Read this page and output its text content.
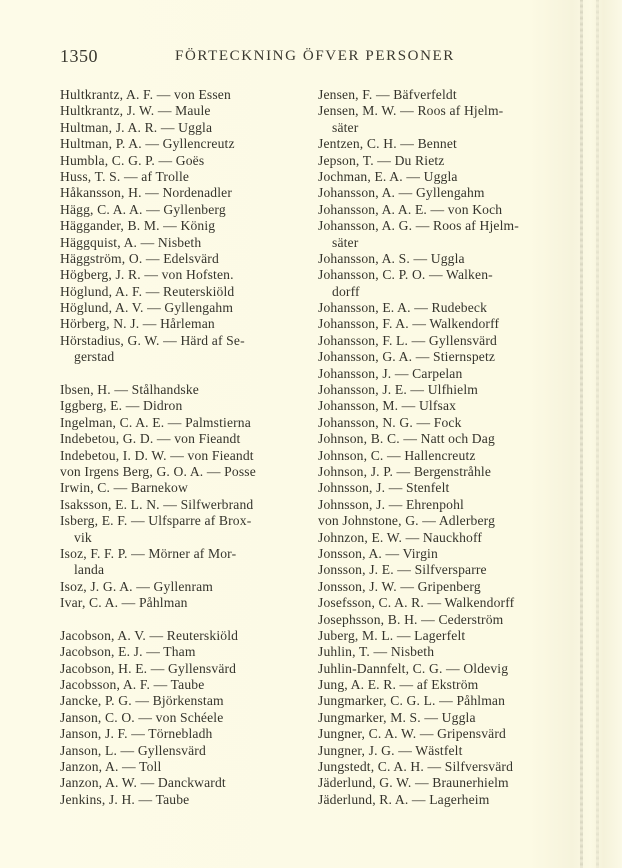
1350	FÖRTECKNING ÖFVER PERSONER
Hultkrantz, A. F. — von Essen
Hultkrantz, J. W. — Maule
Hultman, J. A. R. — Uggla
Hultman, P. A. — Gyllencreutz
Humbla, C. G. P. — Goës
Huss, T. S. — af Trolle
Håkansson, H. — Nordenadler
Hägg, C. A. A. — Gyllenberg
Häggander, B. M. — König
Häggquist, A. — Nisbeth
Häggström, O. — Edelsvärd
Högberg, J. R. — von Hofsten.
Höglund, A. F. — Reuterskiöld
Höglund, A. V. — Gyllengahm
Hörberg, N. J. — Hårleman
Hörstadius, G. W. — Härd af Se-
gerstad
Ibsen, H. — Stålhandske
Iggberg, E. — Didron
Ingelman, C. A. E. — Palmstierna
Indebetou, G. D. — von Fieandt
Indebetou, I. D. W. — von Fieandt
von Irgens Berg, G. O. A. — Posse
Irwin, C. — Barnekow
Isaksson, E. L. N. — Silfwerbrand
Isberg, E. F. — Ulfsparre af Brox-
vik
Isoz, F. F. P. — Mörner af Mor-
landa
Isoz, J. G. A. — Gyllenram
Ivar, C. A. — Påhlman
Jacobson, A. V. — Reuterskiöld
Jacobson, E. J. — Tham
Jacobson, H. E. — Gyllensvärd
Jacobsson, A. F. — Taube
Jancke, P. G. — Björkenstam
Janson, C. O. — von Schéele
Janson, J. F. — Törnebladh
Janson, L. — Gyllensvärd
Janzon, A. — Toll
Janzon, A. W. — Danckwardt
Jenkins, J. H. — Taube
Jensen, F. — Bäfverfeldt
Jensen, M. W. — Roos af Hjelm-
säter
Jentzen, C. H. — Bennet
Jepson, T. — Du Rietz
Jochman, E. A. — Uggla
Johansson, A. — Gyllengahm
Johansson, A. A. E. — von Koch
Johansson, A. G. — Roos af Hjelm-
säter
Johansson, A. S. — Uggla
Johansson, C. P. O. — Walken-
dorff
Johansson, E. A. — Rudebeck
Johansson, F. A. — Walkendorff
Johansson, F. L. — Gyllensvärd
Johansson, G. A. — Stiernspetz
Johansson, J. — Carpelan
Johansson, J. E. — Ulfhielm
Johansson, M. — Ulfsax
Johansson, N. G. — Fock
Johnson, B. C. — Natt och Dag
Johnson, C. — Hallencreutz
Johnson, J. P. — Bergenstråhle
Johnsson, J. — Stenfelt
Johnsson, J. — Ehrenpohl
von Johnstone, G. — Adlerberg
Johnzon, E. W. — Nauckhoff
Jonsson, A. — Virgin
Jonsson, J. E. — Silfversparre
Jonsson, J. W. — Gripenberg
Josefsson, C. A. R. — Walkendorff
Josephsson, B. H. — Cederström
Juberg, M. L. — Lagerfelt
Juhlin, T. — Nisbeth
Juhlin-Dannfelt, C. G. — Oldevig
Jung, A. E. R. — af Ekström
Jungmarker, C. G. L. — Påhlman
Jungmarker, M. S. — Uggla
Jungner, C. A. W. — Gripensvärd
Jungner, J. G. — Wästfelt
Jungstedt, C. A. H. — Silfversvärd
Jäderlund, G. W. — Braunerhielm
Jäderlund, R. A. — Lagerheim
